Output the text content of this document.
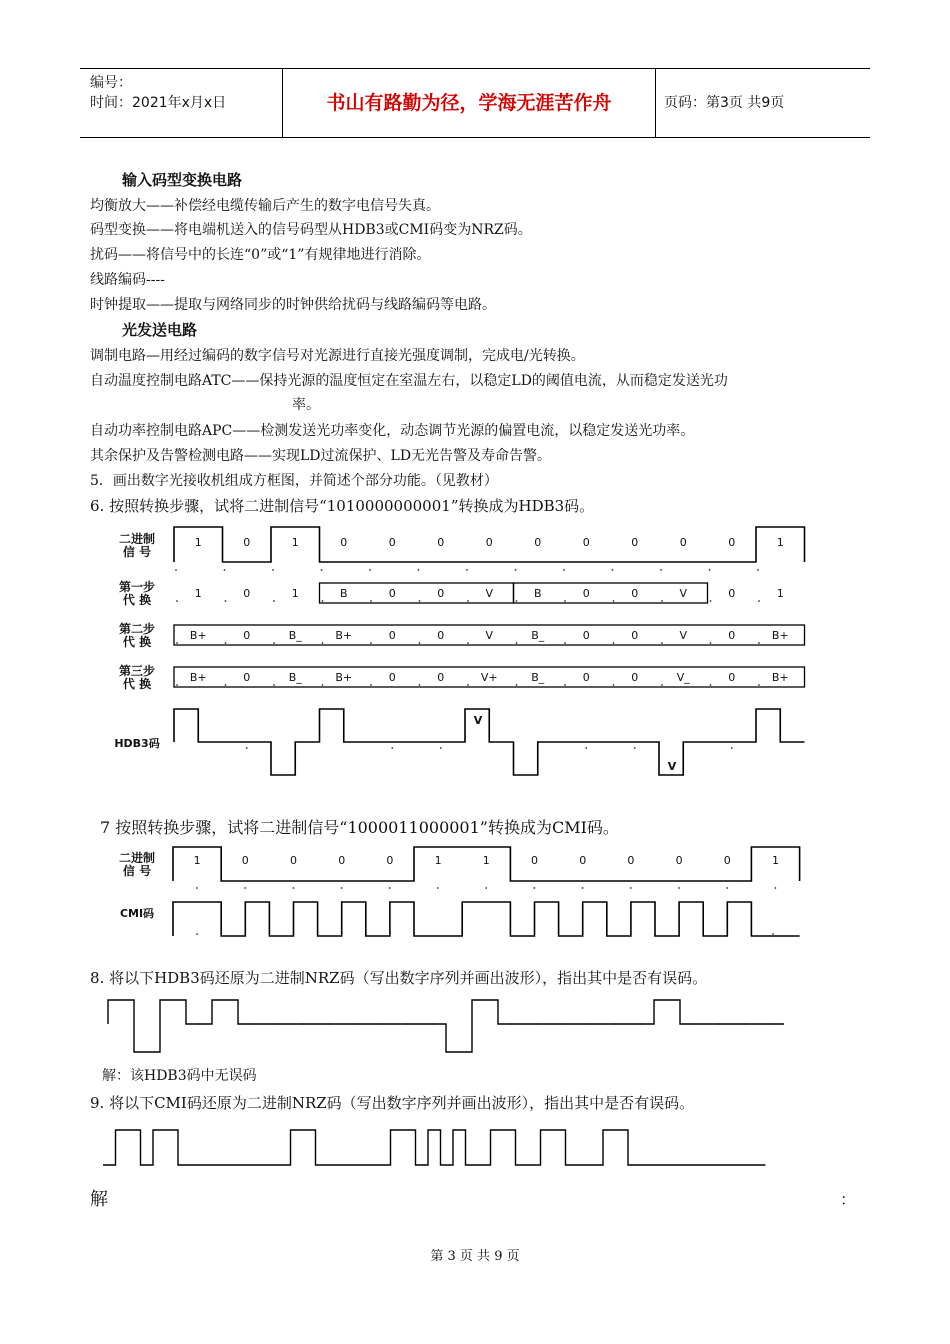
编号：
时间：2021年x月x日	书山有路勤为径，学海无涯苦作舟	页码：第3页 共9页
输入码型变换电路
均衡放大——补偿经电缆传输后产生的数字电信号失真。
码型变换——将电端机送入的信号码型从HDB3或CMI码变为NRZ码。
扰码——将信号中的长连“0”或“1”有规律地进行消除。
线路编码----
时钟提取——提取与网络同步的时钟供给扰码与线路编码等电路。
光发送电路
调制电路—用经过编码的数字信号对光源进行直接光强度调制，完成电/光转换。
自动温度控制电路ATC——保持光源的温度恒定在室温左右，以稳定LD的阈值电流，从而稳定发送光功
率。
自动功率控制电路APC——检测发送光功率变化，动态调节光源的偏置电流，以稳定发送光功率。
其余保护及告警检测电路——实现LD过流保护、LD无光告警及寿命告警。
5．画出数字光接收机组成方框图，并简述个部分功能。（见教材）
6. 按照转换步骤，试将二进制信号“1010000000001”转换成为HDB3码。
7 按照转换步骤，试将二进制信号“1000011000001”转换成为CMI码。
8. 将以下HDB3码还原为二进制NRZ码（写出数字序列并画出波形），指出其中是否有误码。
解：该HDB3码中无误码
9. 将以下CMI码还原为二进制NRZ码（写出数字序列并画出波形），指出其中是否有误码。
解	：
第 3 页 共 9 页
二进制
信 号
1	0	1	0	0	0	0	0	0	0	0	0	1
第一步
代 换	1	0	1	B	0	0	V	B	0	0	V	0	1
第二步
代 换	B+	0	B_	B+	0	0	V	B_	0	0	V	0	B+
第三步
代 换	B+	0	B_	B+	0	0	V+	B_	0	0	V_	0	B+
HDB3码
V
V
二进制
信 号
1	0	0	0	0	1	1	0	0	0	0	0	1
CMI码
